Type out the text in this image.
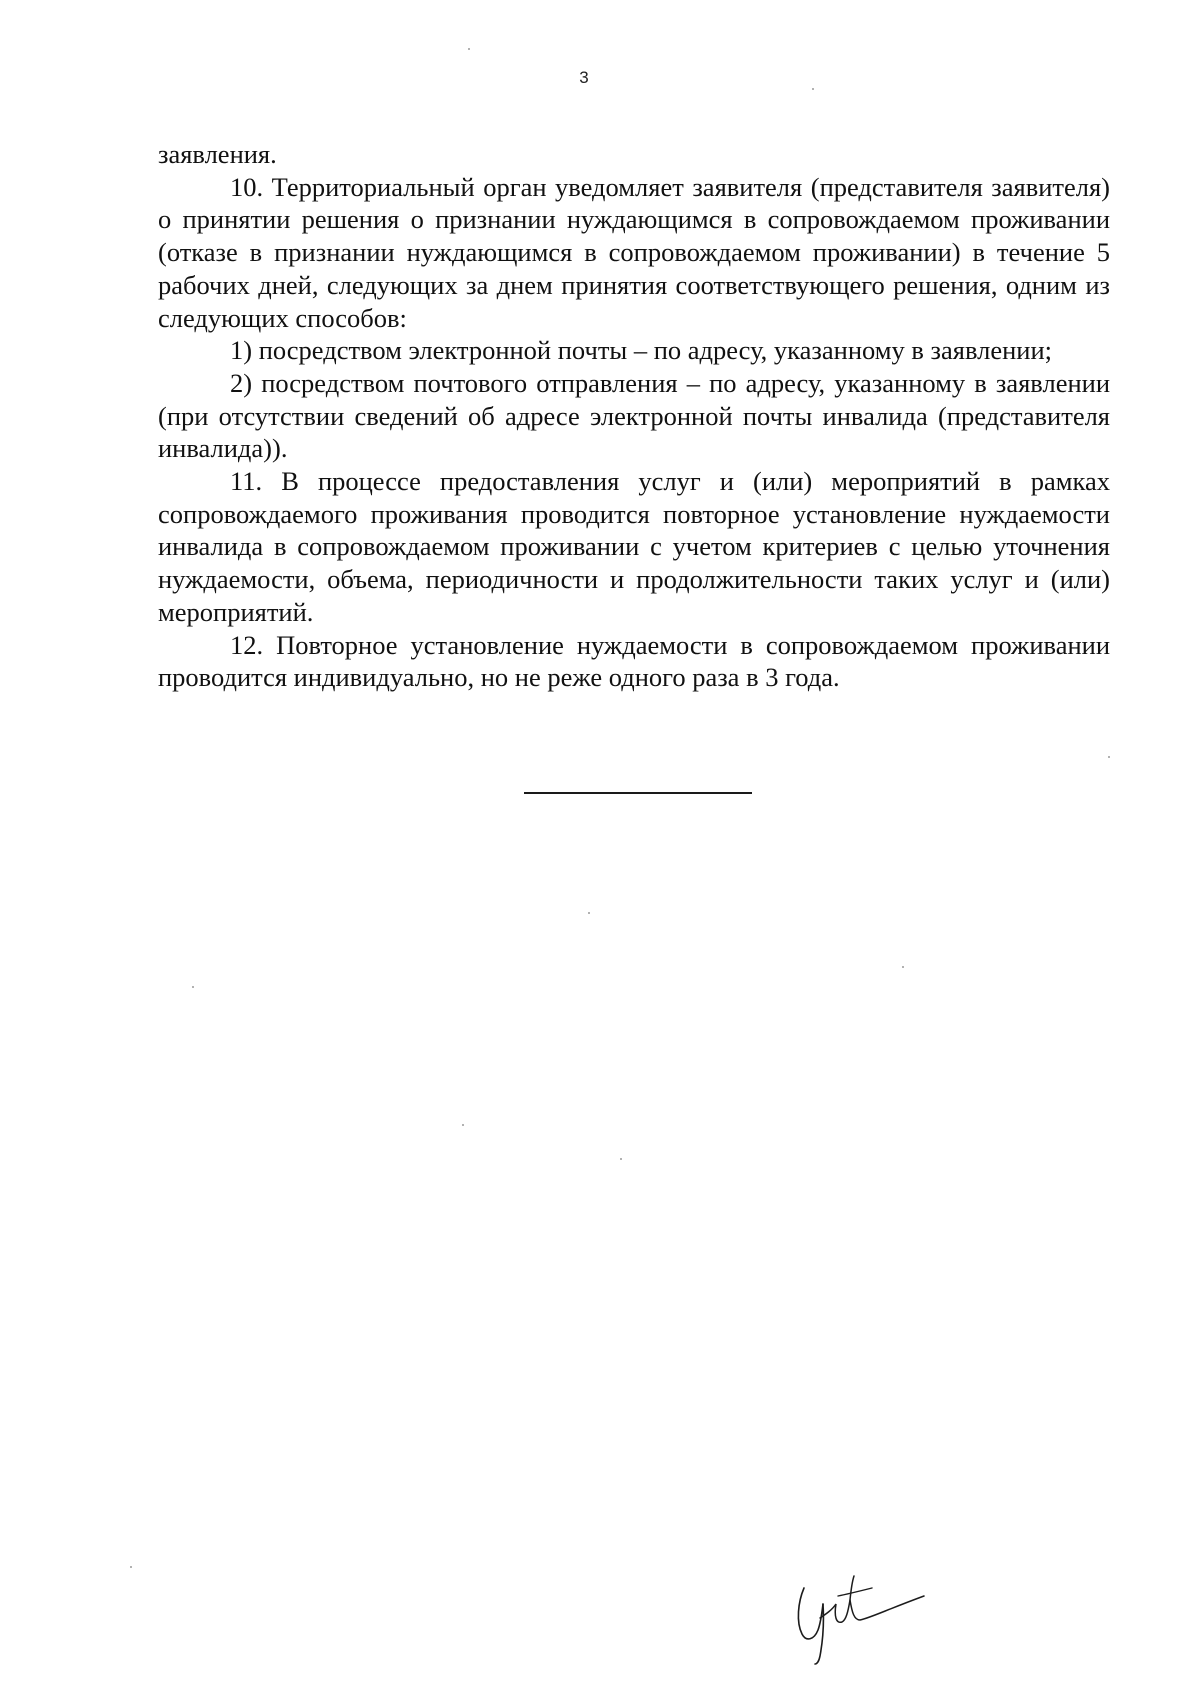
3

заявления.

10. Территориальный орган уведомляет заявителя (представителя заявителя) о принятии решения о признании нуждающимся в сопровождаемом проживании (отказе в признании нуждающимся в сопровождаемом проживании) в течение 5 рабочих дней, следующих за днем принятия соответствующего решения, одним из следующих способов:

1) посредством электронной почты – по адресу, указанному в заявлении;

2) посредством почтового отправления – по адресу, указанному в заявлении (при отсутствии сведений об адресе электронной почты инвалида (представителя инвалида)).

11. В процессе предоставления услуг и (или) мероприятий в рамках сопровождаемого проживания проводится повторное установление нуждаемости инвалида в сопровождаемом проживании с учетом критериев с целью уточнения нуждаемости, объема, периодичности и продолжительности таких услуг и (или) мероприятий.

12. Повторное установление нуждаемости в сопровождаемом проживании проводится индивидуально, но не реже одного раза в 3 года.
